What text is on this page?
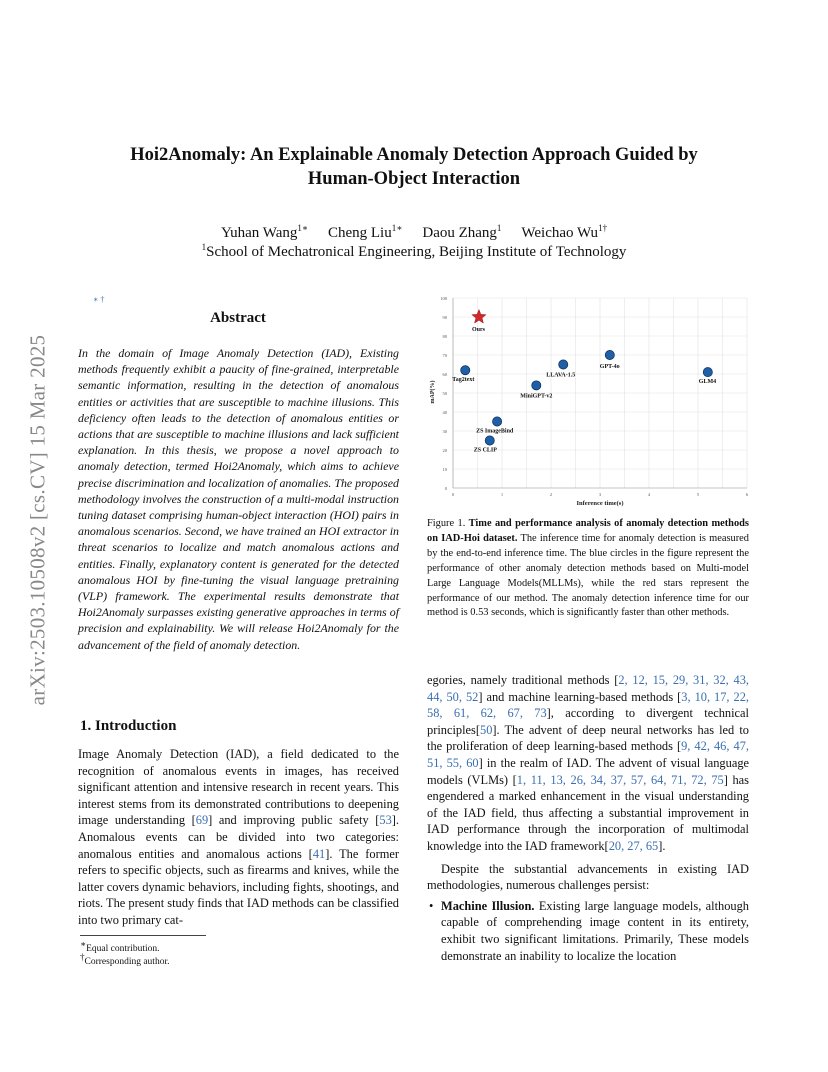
Hoi2Anomaly: An Explainable Anomaly Detection Approach Guided by
Human-Object Interaction
Yuhan Wang$^{1∗}$ Cheng Liu$^{1∗}$ Daou Zhang$^1$ Weichao $Wu^{1\dagger}$
$^1$School of Mechatronical Engineering, Beijing Institute of Technology
arXiv:2503.10508v2 [cs.CV] 15 Mar 2025
∗ †
Abstract
In the domain of Image Anomaly Detection (IAD), Existing methods frequently exhibit a paucity of fine-grained, interpretable semantic information, resulting in the detection of anomalous entities or activities that are susceptible to machine illusions. This deficiency often leads to the detection of anomalous entities or actions that are susceptible to machine illusions and lack sufficient explanation. In this thesis, we propose a novel approach to anomaly detection, termed Hoi2Anomaly, which aims to achieve precise discrimination and localization of anomalies. The proposed methodology involves the construction of a multi-modal instruction tuning dataset comprising human-object interaction (HOI) pairs in anomalous scenarios. Second, we have trained an HOI extractor in threat scenarios to localize and match anomalous actions and entities. Finally, explanatory content is generated for the detected anomalous HOI by fine-tuning the visual language pretraining (VLP) framework. The experimental results demonstrate that Hoi2Anomaly surpasses existing generative approaches in terms of precision and explainability. We will release Hoi2Anomaly for the advancement of the field of anomaly detection.
1. Introduction
Image Anomaly Detection (IAD), a field dedicated to the recognition of anomalous events in images, has received significant attention and intensive research in recent years. This interest stems from its demonstrated contributions to deepening image understanding [69] and improving public safety [53]. Anomalous events can be divided into two categories: anomalous entities and anomalous actions [41]. The former refers to specific objects, such as firearms and knives, while the latter covers dynamic behaviors, including fights, shootings, and riots. The present study finds that IAD methods can be classified into two primary cat-
∗Equal contribution.
†Corresponding author.
0
10
20
30
40
50
60
70
80
90
100
0	1	2	3	4	5	6
Inference time(s)
mAP(%)
Ours
Tag2text
LLAVA-1.5
GPT-4o
MiniGPT-v2
GLM4
ZS ImageBind
ZS CLIP
Figure 1. Time and performance analysis of anomaly detection methods on IAD-Hoi dataset. The inference time for anomaly detection is measured by the end-to-end inference time. The blue circles in the figure represent the performance of other anomaly detection methods based on Multi-model Large Language Models(MLLMs), while the red stars represent the performance of our method. The anomaly detection inference time for our method is 0.53 seconds, which is significantly faster than other methods.

egories, namely traditional methods [2, 12, 15, 29, 31, 32, 43, 44, 50, 52] and machine learning-based methods [3, 10, 17, 22, 58, 61, 62, 67, 73], according to divergent technical principles[50]. The advent of deep neural networks has led to the proliferation of deep learning-based methods [9, 42, 46, 47, 51, 55, 60] in the realm of IAD. The advent of visual language models (VLMs) [1, 11, 13, 26, 34, 37, 57, 64, 71, 72, 75] has engendered a marked enhancement in the visual understanding of the IAD field, thus affecting a substantial improvement in IAD performance through the incorporation of multimodal knowledge into the IAD framework[20, 27, 65].

Despite the substantial advancements in existing IAD methodologies, numerous challenges persist:

• Machine Illusion. Existing large language models, although capable of comprehending image content in its entirety, exhibit two significant limitations. Primarily, These models demonstrate an inability to localize the location
